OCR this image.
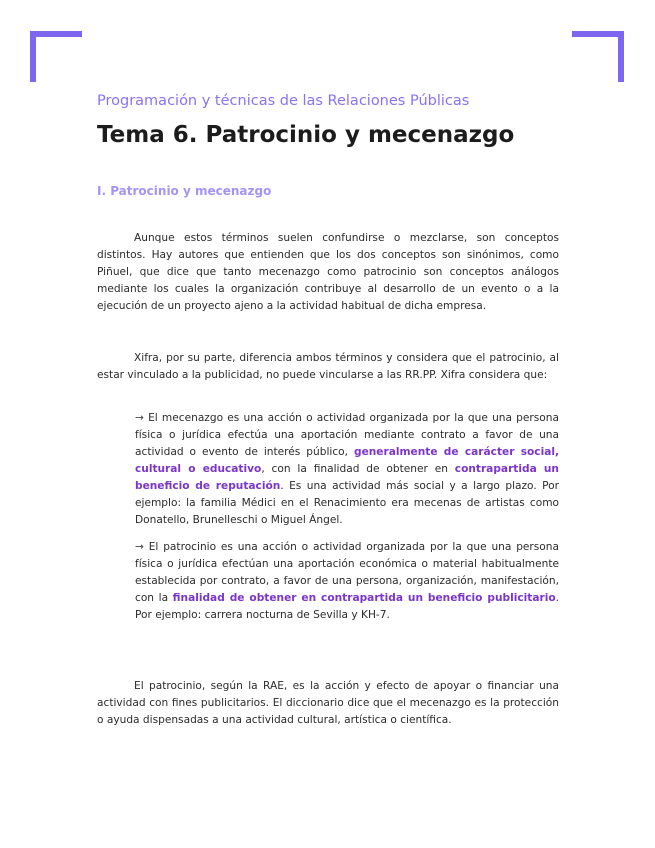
Programación y técnicas de las Relaciones Públicas
Tema 6. Patrocinio y mecenazgo
I. Patrocinio y mecenazgo

Aunque estos términos suelen confundirse o mezclarse, son conceptos distintos. Hay autores que entienden que los dos conceptos son sinónimos, como Piñuel, que dice que tanto mecenazgo como patrocinio son conceptos análogos mediante los cuales la organización contribuye al desarrollo de un evento o a la ejecución de un proyecto ajeno a la actividad habitual de dicha empresa.

Xifra, por su parte, diferencia ambos términos y considera que el patrocinio, al estar vinculado a la publicidad, no puede vincularse a las RR.PP. Xifra considera que:

→ El mecenazgo es una acción o actividad organizada por la que una persona física o jurídica efectúa una aportación mediante contrato a favor de una actividad o evento de interés público, generalmente de carácter social, cultural o educativo, con la finalidad de obtener en contrapartida un beneficio de reputación. Es una actividad más social y a largo plazo. Por ejemplo: la familia Médici en el Renacimiento era mecenas de artistas como Donatello, Brunelleschi o Miguel Ángel.

→ El patrocinio es una acción o actividad organizada por la que una persona física o jurídica efectúan una aportación económica o material habitualmente establecida por contrato, a favor de una persona, organización, manifestación, con la finalidad de obtener en contrapartida un beneficio publicitario. Por ejemplo: carrera nocturna de Sevilla y KH-7.

El patrocinio, según la RAE, es la acción y efecto de apoyar o financiar una actividad con fines publicitarios. El diccionario dice que el mecenazgo es la protección o ayuda dispensadas a una actividad cultural, artística o científica.
